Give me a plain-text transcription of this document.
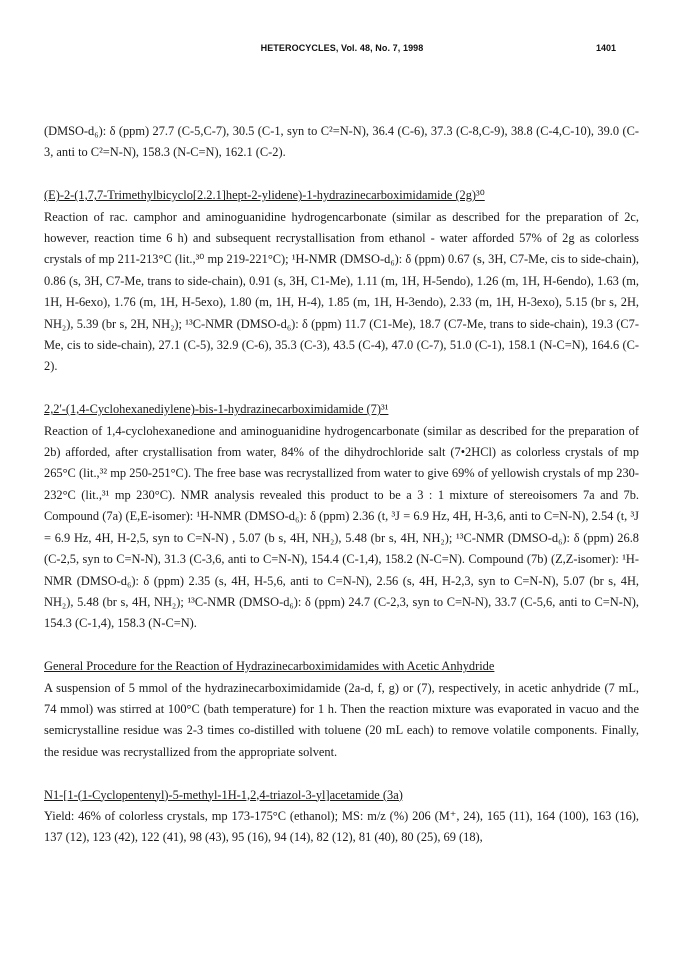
HETEROCYCLES, Vol. 48, No. 7, 1998	1401

(DMSO-d₆): δ (ppm) 27.7 (C-5,C-7), 30.5 (C-1, syn to C²=N-N), 36.4 (C-6), 37.3 (C-8,C-9), 38.8 (C-4,C-10), 39.0 (C-3, anti to C²=N-N), 158.3 (N-C=N), 162.1 (C-2).

(E)-2-(1,7,7-Trimethylbicyclo[2.2.1]hept-2-ylidene)-1-hydrazinecarboximidamide (2g)³⁰

Reaction of rac. camphor and aminoguanidine hydrogencarbonate (similar as described for the preparation of 2c, however, reaction time 6 h) and subsequent recrystallisation from ethanol - water afforded 57% of 2g as colorless crystals of mp 211-213°C (lit.,³⁰ mp 219-221°C); ¹H-NMR (DMSO-d₆): δ (ppm) 0.67 (s, 3H, C7-Me, cis to side-chain), 0.86 (s, 3H, C7-Me, trans to side-chain), 0.91 (s, 3H, C1-Me), 1.11 (m, 1H, H-5endo), 1.26 (m, 1H, H-6endo), 1.63 (m, 1H, H-6exo), 1.76 (m, 1H, H-5exo), 1.80 (m, 1H, H-4), 1.85 (m, 1H, H-3endo), 2.33 (m, 1H, H-3exo), 5.15 (br s, 2H, NH₂), 5.39 (br s, 2H, NH₂); ¹³C-NMR (DMSO-d₆): δ (ppm) 11.7 (C1-Me), 18.7 (C7-Me, trans to side-chain), 19.3 (C7-Me, cis to side-chain), 27.1 (C-5), 32.9 (C-6), 35.3 (C-3), 43.5 (C-4), 47.0 (C-7), 51.0 (C-1), 158.1 (N-C=N), 164.6 (C-2).

2,2'-(1,4-Cyclohexanediylene)-bis-1-hydrazinecarboximidamide (7)³¹

Reaction of 1,4-cyclohexanedione and aminoguanidine hydrogencarbonate (similar as described for the preparation of 2b) afforded, after crystallisation from water, 84% of the dihydrochloride salt (7•2HCl) as colorless crystals of mp 265°C (lit.,³² mp 250-251°C). The free base was recrystallized from water to give 69% of yellowish crystals of mp 230-232°C (lit.,³¹ mp 230°C). NMR analysis revealed this product to be a 3 : 1 mixture of stereoisomers 7a and 7b. Compound (7a) (E,E-isomer): ¹H-NMR (DMSO-d₆): δ (ppm) 2.36 (t, ³J = 6.9 Hz, 4H, H-3,6, anti to C=N-N), 2.54 (t, ³J = 6.9 Hz, 4H, H-2,5, syn to C=N-N) , 5.07 (b s, 4H, NH₂), 5.48 (br s, 4H, NH₂); ¹³C-NMR (DMSO-d₆): δ (ppm) 26.8 (C-2,5, syn to C=N-N), 31.3 (C-3,6, anti to C=N-N), 154.4 (C-1,4), 158.2 (N-C=N). Compound (7b) (Z,Z-isomer): ¹H-NMR (DMSO-d₆): δ (ppm) 2.35 (s, 4H, H-5,6, anti to C=N-N), 2.56 (s, 4H, H-2,3, syn to C=N-N), 5.07 (br s, 4H, NH₂), 5.48 (br s, 4H, NH₂); ¹³C-NMR (DMSO-d₆): δ (ppm) 24.7 (C-2,3, syn to C=N-N), 33.7 (C-5,6, anti to C=N-N), 154.3 (C-1,4), 158.3 (N-C=N).

General Procedure for the Reaction of Hydrazinecarboximidamides with Acetic Anhydride

A suspension of 5 mmol of the hydrazinecarboximidamide (2a-d, f, g) or (7), respectively, in acetic anhydride (7 mL, 74 mmol) was stirred at 100°C (bath temperature) for 1 h. Then the reaction mixture was evaporated in vacuo and the semicrystalline residue was 2-3 times co-distilled with toluene (20 mL each) to remove volatile components. Finally, the residue was recrystallized from the appropriate solvent.

N1-[1-(1-Cyclopentenyl)-5-methyl-1H-1,2,4-triazol-3-yl]acetamide (3a)

Yield: 46% of colorless crystals, mp 173-175°C (ethanol); MS: m/z (%) 206 (M⁺, 24), 165 (11), 164 (100), 163 (16), 137 (12), 123 (42), 122 (41), 98 (43), 95 (16), 94 (14), 82 (12), 81 (40), 80 (25), 69 (18),
